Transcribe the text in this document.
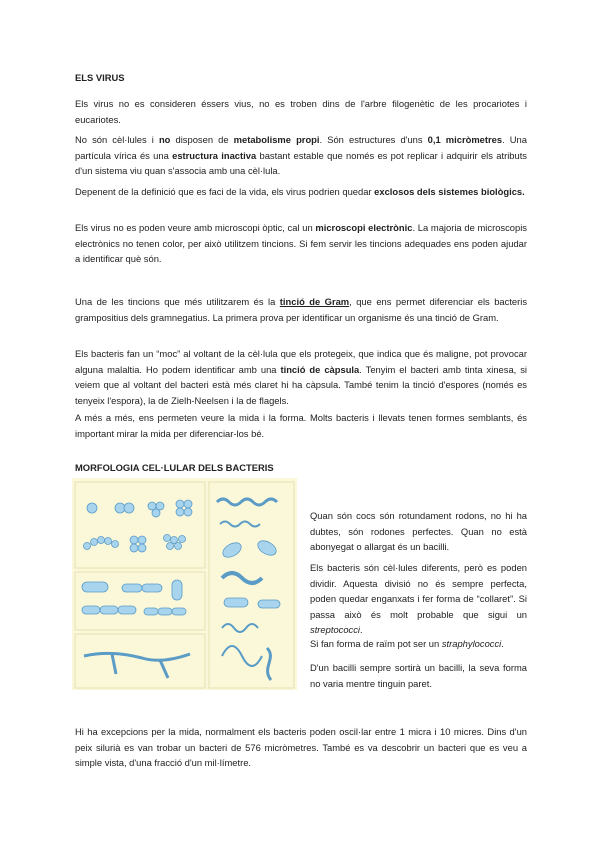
ELS VIRUS

Els virus no es consideren éssers vius, no es troben dins de l'arbre filogenètic de les procariotes i eucariotes.

No són cèl·lules i no disposen de metabolisme propi. Són estructures d'uns 0,1 micròmetres. Una partícula vírica és una estructura inactiva bastant estable que només es pot replicar i adquirir els atributs d'un sistema viu quan s'associa amb una cèl·lula.

Depenent de la definició que es faci de la vida, els virus podrien quedar exclosos dels sistemes biològics.

Els virus no es poden veure amb microscopi òptic, cal un microscopi electrònic. La majoria de microscopis electrònics no tenen color, per això utilitzem tincions. Si fem servir les tincions adequades ens poden ajudar a identificar què són.

Una de les tincions que més utilitzarem és la tinció de Gram, que ens permet diferenciar els bacteris grampositius dels gramnegatius. La primera prova per identificar un organisme és una tinció de Gram.

Els bacteris fan un “moc” al voltant de la cèl·lula que els protegeix, que indica que és maligne, pot provocar alguna malaltia. Ho podem identificar amb una tinció de càpsula. Tenyim el bacteri amb tinta xinesa, si veiem que al voltant del bacteri està més claret hi ha càpsula. També tenim la tinció d'espores (només es tenyeix l'espora), la de Zielh-Neelsen i la de flagels.

A més a més, ens permeten veure la mida i la forma. Molts bacteris i llevats tenen formes semblants, és important mirar la mida per diferenciar-los bé.

MORFOLOGIA CEL·LULAR DELS BACTERIS

Quan són cocs són rotundament rodons, no hi ha dubtes, són rodones perfectes. Quan no està abonyegat o allargat és un bacilli.

Els bacteris són cèl·lules diferents, però es poden dividir. Aquesta divisió no és sempre perfecta, poden quedar enganxats i fer forma de “collaret”. Si passa això és molt probable que sigui un streptococci.

Si fan forma de raïm pot ser un straphylococci.

D'un bacilli sempre sortirà un bacilli, la seva forma no varia mentre tinguin paret.

Hi ha excepcions per la mida, normalment els bacteris poden oscil·lar entre 1 micra i 10 micres. Dins d'un peix silurià es van trobar un bacteri de 576 micròmetres. També es va descobrir un bacteri que es veu a simple vista, d'una fracció d'un mil·límetre.
